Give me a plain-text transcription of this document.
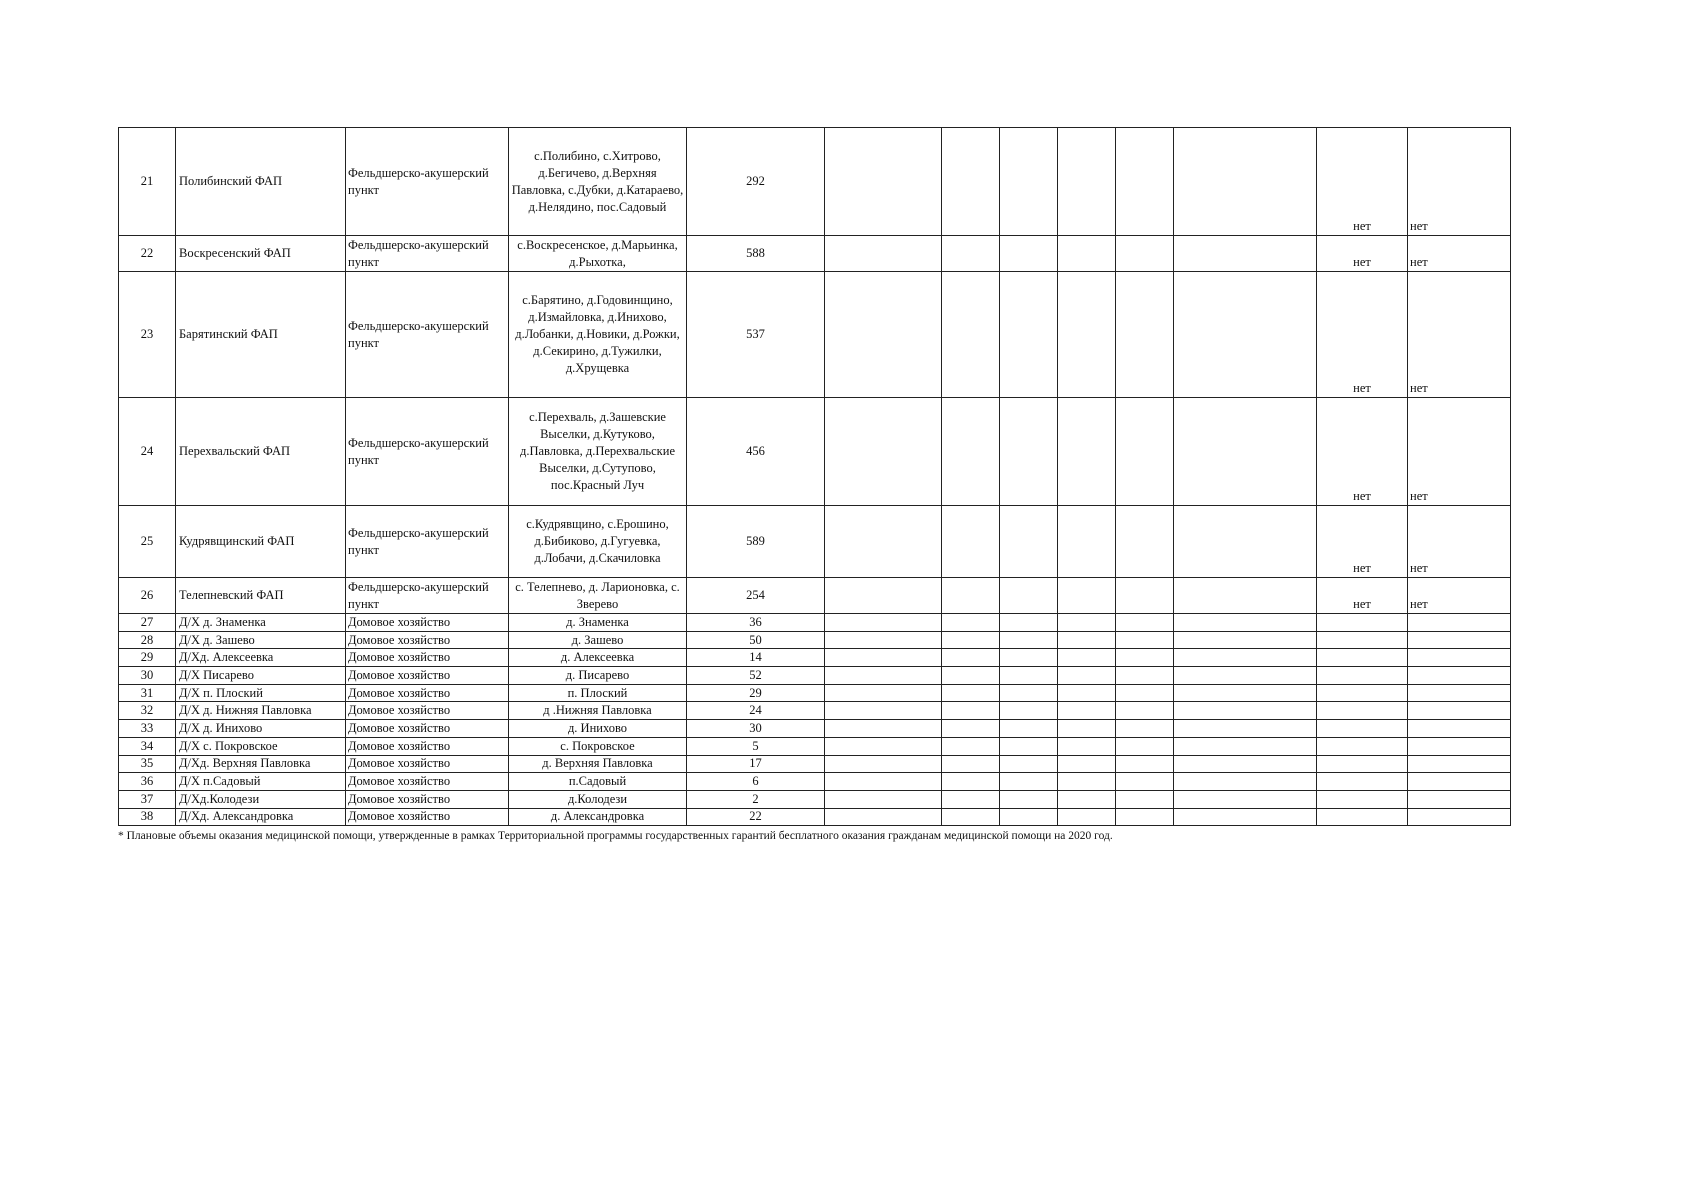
21	Полибинский ФАП	Фельдшерско-акушерский пункт	с.Полибино, с.Хитрово, д.Бегичево, д.Верхняя Павловка, с.Дубки, д.Катараево, д.Нелядино, пос.Садовый	292							нет	нет
22	Воскресенский ФАП	Фельдшерско-акушерский пункт	с.Воскресенское, д.Марьинка, д.Рыхотка,	588							нет	нет
23	Барятинский ФАП	Фельдшерско-акушерский пункт	с.Барятино, д.Годовинщино, д.Измайловка, д.Инихово, д.Лобанки, д.Новики, д.Рожки, д.Секирино, д.Тужилки, д.Хрущевка	537							нет	нет
24	Перехвальский ФАП	Фельдшерско-акушерский пункт	с.Перехваль, д.Зашевские Выселки, д.Кутуково, д.Павловка, д.Перехвальские Выселки, д.Сутупово, пос.Красный Луч	456							нет	нет
25	Кудрявщинский ФАП	Фельдшерско-акушерский пункт	с.Кудрявщино, с.Ерошино, д.Бибиково, д.Гугуевка, д.Лобачи, д.Скачиловка	589							нет	нет
26	Телепневский ФАП	Фельдшерско-акушерский пункт	с. Телепнево, д. Ларионовка, с. Зверево	254							нет	нет
27	Д/Х д. Знаменка	Домовое хозяйство	д. Знаменка	36								
28	Д/Х д. Зашево	Домовое хозяйство	д. Зашево	50								
29	Д/Хд. Алексеевка	Домовое хозяйство	д. Алексеевка	14								
30	Д/Х Писарево	Домовое хозяйство	д. Писарево	52								
31	Д/Х п. Плоский	Домовое хозяйство	п. Плоский	29								
32	Д/Х д. Нижняя Павловка	Домовое хозяйство	д .Нижняя Павловка	24								
33	Д/Х д. Инихово	Домовое хозяйство	д. Инихово	30								
34	Д/Х с. Покровское	Домовое хозяйство	с. Покровское	5								
35	Д/Хд. Верхняя Павловка	Домовое хозяйство	д. Верхняя Павловка	17								
36	Д/Х п.Садовый	Домовое хозяйство	п.Садовый	6								
37	Д/Хд.Колодези	Домовое хозяйство	д.Колодези	2								
38	Д/Хд. Александровка	Домовое хозяйство	д. Александровка	22								
* Плановые объемы оказания медицинской помощи, утвержденные в рамках Территориальной программы государственных гарантий бесплатного оказания гражданам медицинской помощи на 2020 год.
